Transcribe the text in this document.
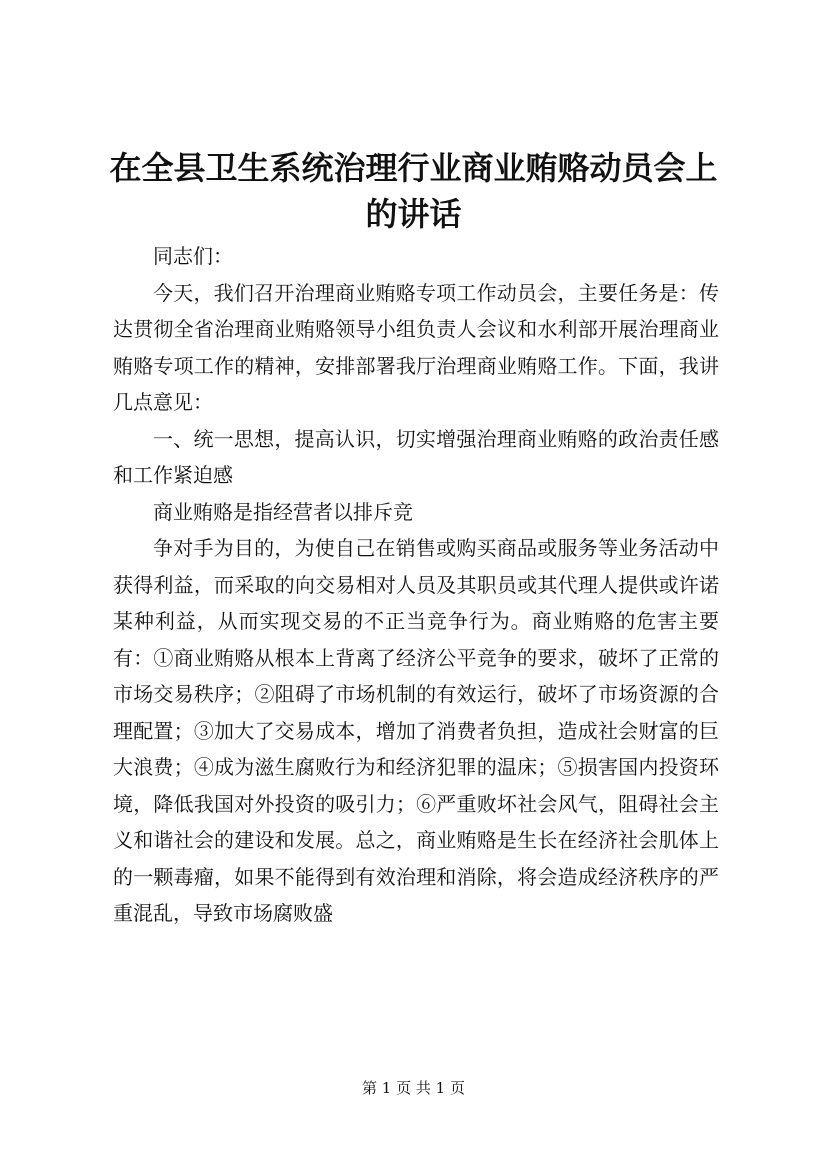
在全县卫生系统治理行业商业贿赂动员会上的讲话

同志们：

今天，我们召开治理商业贿赂专项工作动员会，主要任务是：传达贯彻全省治理商业贿赂领导小组负责人会议和水利部开展治理商业贿赂专项工作的精神，安排部署我厅治理商业贿赂工作。下面，我讲几点意见：

一、统一思想，提高认识，切实增强治理商业贿赂的政治责任感和工作紧迫感

商业贿赂是指经营者以排斥竞

争对手为目的，为使自己在销售或购买商品或服务等业务活动中获得利益，而采取的向交易相对人员及其职员或其代理人提供或许诺某种利益，从而实现交易的不正当竞争行为。商业贿赂的危害主要有：①商业贿赂从根本上背离了经济公平竞争的要求，破坏了正常的市场交易秩序；②阻碍了市场机制的有效运行，破坏了市场资源的合理配置；③加大了交易成本，增加了消费者负担，造成社会财富的巨大浪费；④成为滋生腐败行为和经济犯罪的温床；⑤损害国内投资环境，降低我国对外投资的吸引力；⑥严重败坏社会风气，阻碍社会主义和谐社会的建设和发展。总之，商业贿赂是生长在经济社会肌体上的一颗毒瘤，如果不能得到有效治理和消除，将会造成经济秩序的严重混乱，导致市场腐败盛

第 1 页 共 1 页
